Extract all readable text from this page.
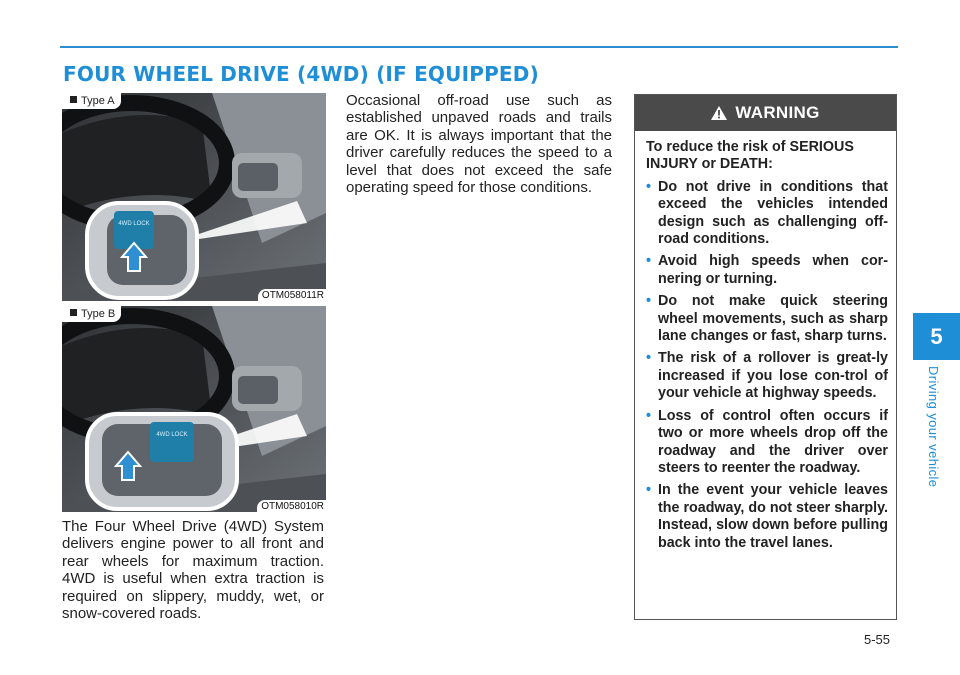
FOUR WHEEL DRIVE (4WD) (IF EQUIPPED)
4WD LOCK
Type A
OTM058011R
4WD LOCK
Type B
OTM058010R
The Four Wheel Drive (4WD) System delivers engine power to all front and rear wheels for maximum traction. 4WD is useful when extra traction is required on slippery, muddy, wet, or snow-covered roads.
Occasional off-road use such as established unpaved roads and trails are OK. It is always important that the driver carefully reduces the speed to a level that does not exceed the safe operating speed for those conditions.
WARNING

To reduce the risk of SERIOUS INJURY or DEATH:

• Do not drive in conditions that exceed the vehicles intended design such as challenging off-road conditions.
• Avoid high speeds when cor-nering or turning.
• Do not make quick steering wheel movements, such as sharp lane changes or fast, sharp turns.
• The risk of a rollover is great-ly increased if you lose con-trol of your vehicle at highway speeds.
• Loss of control often occurs if two or more wheels drop off the roadway and the driver over steers to reenter the roadway.
• In the event your vehicle leaves the roadway, do not steer sharply. Instead, slow down before pulling back into the travel lanes.
5-55
5
Driving your vehicle
